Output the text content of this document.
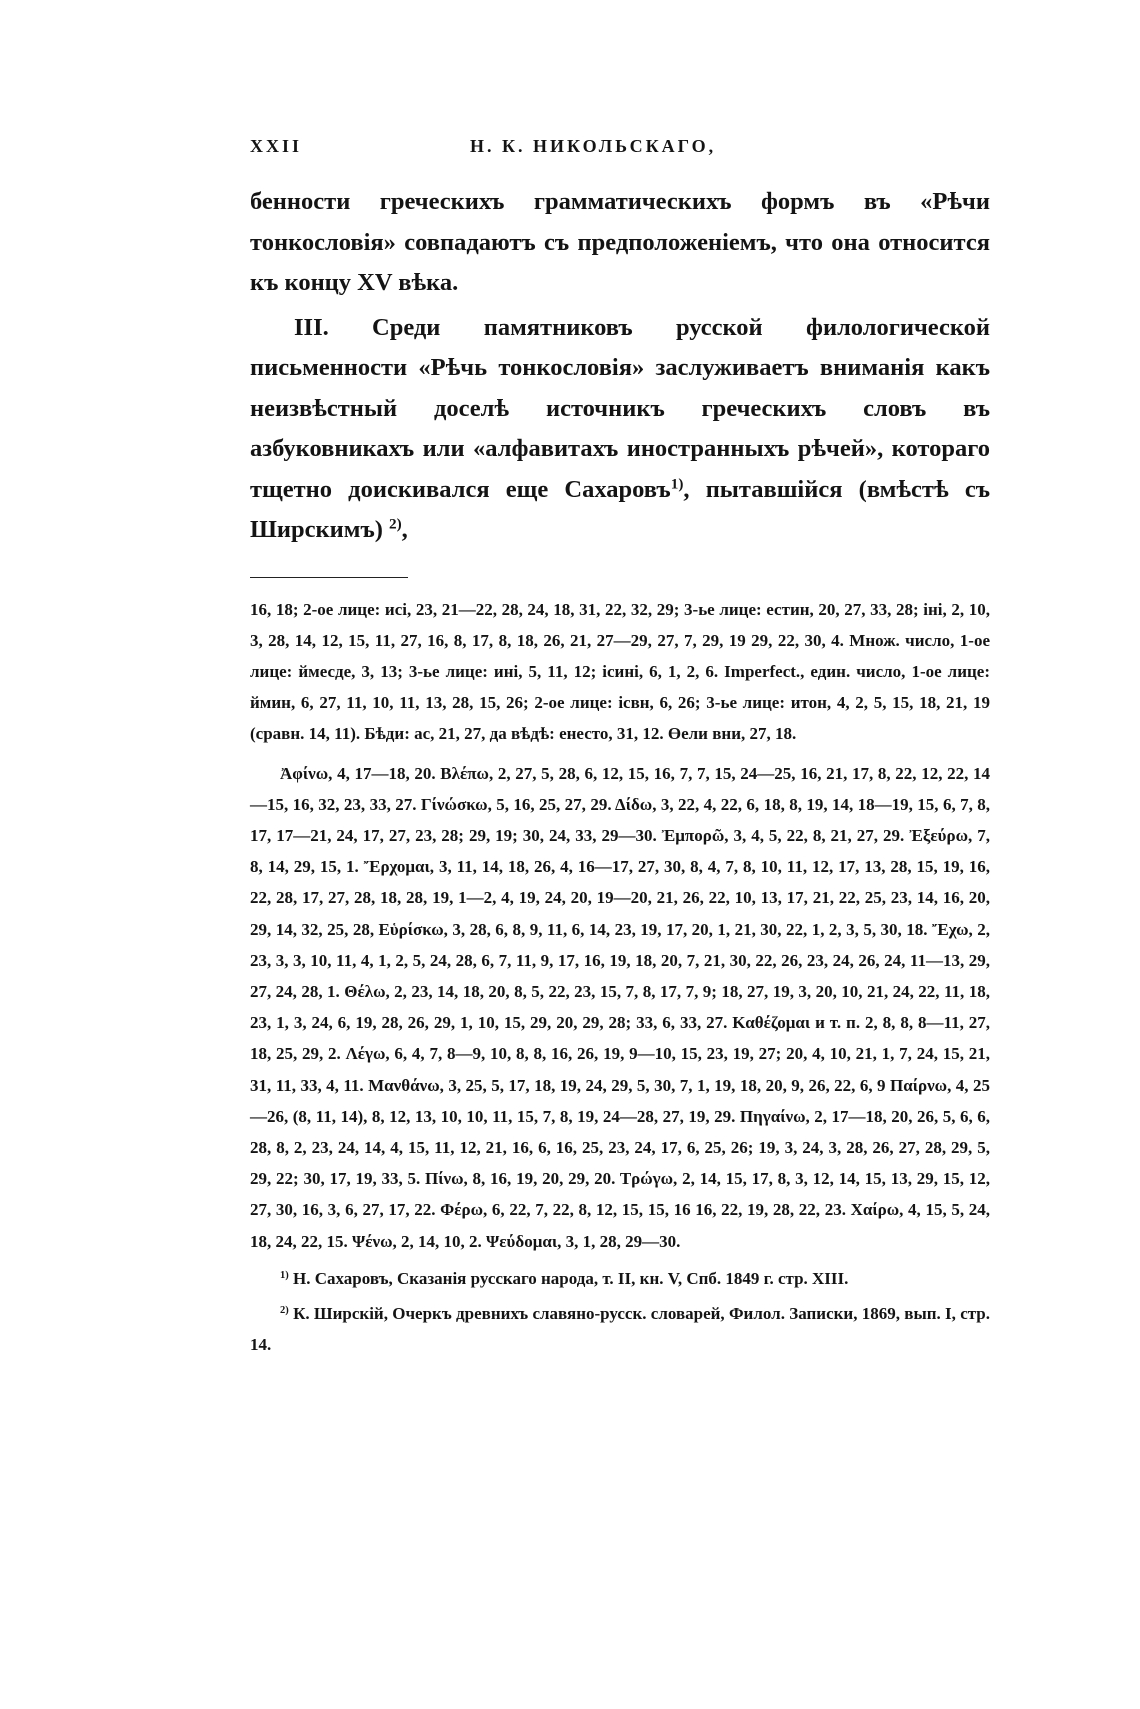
XXII	Н. К. НИКОЛЬСКАГО,

бенности греческихъ грамматическихъ формъ въ «Рѣчи тонкословія» совпадаютъ съ предположеніемъ, что она относится къ концу XV вѣка.

III. Среди памятниковъ русской филологической письменности «Рѣчь тонкословія» заслуживаетъ вниманія какъ неизвѣстный доселѣ источникъ греческихъ словъ въ азбуковникахъ или «алфавитахъ иностранныхъ рѣчей», котораго тщетно доискивался еще Сахаровъ$^{1)}$, пытавшійся (вмѣстѣ съ Ширскимъ) $^{2)}$,

16, 18; 2-ое лице: исі, 23, 21—22, 28, 24, 18, 31, 22, 32, 29; 3-ье лице: естин, 20, 27, 33, 28; іні, 2, 10, 3, 28, 14, 12, 15, 11, 27, 16, 8, 17, 8, 18, 26, 21, 27—29, 27, 7, 29, 19 29, 22, 30, 4. Множ. число, 1-ое лице: ймесде, 3, 13; 3-ье лице: ині, 5, 11, 12; ісині, 6, 1, 2, 6. Imperfect., един. число, 1-ое лице: ймин, 6, 27, 11, 10, 11, 13, 28, 15, 26; 2-ое лице: ісвн, 6, 26; 3-ье лице: итон, 4, 2, 5, 15, 18, 21, 19 (сравн. 14, 11). Бѣди: ас, 21, 27, да вѣдѣ: енесто, 31, 12. Өели вни, 27, 18.

Ἀφίνω, 4, 17—18, 20. Βλέπω, 2, 27, 5, 28, 6, 12, 15, 16, 7, 7, 15, 24—25, 16, 21, 17, 8, 22, 12, 22, 14—15, 16, 32, 23, 33, 27. Γίνώσκω, 5, 16, 25, 27, 29. Δίδω, 3, 22, 4, 22, 6, 18, 8, 19, 14, 18—19, 15, 6, 7, 8, 17, 17—21, 24, 17, 27, 23, 28; 29, 19; 30, 24, 33, 29—30. Ἐμπορῶ, 3, 4, 5, 22, 8, 21, 27, 29. Ἐξεύρω, 7, 8, 14, 29, 15, 1. Ἔρχομαι, 3, 11, 14, 18, 26, 4, 16—17, 27, 30, 8, 4, 7, 8, 10, 11, 12, 17, 13, 28, 15, 19, 16, 22, 28, 17, 27, 28, 18, 28, 19, 1—2, 4, 19, 24, 20, 19—20, 21, 26, 22, 10, 13, 17, 21, 22, 25, 23, 14, 16, 20, 29, 14, 32, 25, 28, Εὑρίσκω, 3, 28, 6, 8, 9, 11, 6, 14, 23, 19, 17, 20, 1, 21, 30, 22, 1, 2, 3, 5, 30, 18. Ἔχω, 2, 23, 3, 3, 10, 11, 4, 1, 2, 5, 24, 28, 6, 7, 11, 9, 17, 16, 19, 18, 20, 7, 21, 30, 22, 26, 23, 24, 26, 24, 11—13, 29, 27, 24, 28, 1. Θέλω, 2, 23, 14, 18, 20, 8, 5, 22, 23, 15, 7, 8, 17, 7, 9; 18, 27, 19, 3, 20, 10, 21, 24, 22, 11, 18, 23, 1, 3, 24, 6, 19, 28, 26, 29, 1, 10, 15, 29, 20, 29, 28; 33, 6, 33, 27. Καθέζομαι и т. п. 2, 8, 8, 8—11, 27, 18, 25, 29, 2. Λέγω, 6, 4, 7, 8—9, 10, 8, 8, 16, 26, 19, 9—10, 15, 23, 19, 27; 20, 4, 10, 21, 1, 7, 24, 15, 21, 31, 11, 33, 4, 11. Μανθάνω, 3, 25, 5, 17, 18, 19, 24, 29, 5, 30, 7, 1, 19, 18, 20, 9, 26, 22, 6, 9 Παίρνω, 4, 25—26, (8, 11, 14), 8, 12, 13, 10, 10, 11, 15, 7, 8, 19, 24—28, 27, 19, 29. Πηγαίνω, 2, 17—18, 20, 26, 5, 6, 6, 28, 8, 2, 23, 24, 14, 4, 15, 11, 12, 21, 16, 6, 16, 25, 23, 24, 17, 6, 25, 26; 19, 3, 24, 3, 28, 26, 27, 28, 29, 5, 29, 22; 30, 17, 19, 33, 5. Πίνω, 8, 16, 19, 20, 29, 20. Τρώγω, 2, 14, 15, 17, 8, 3, 12, 14, 15, 13, 29, 15, 12, 27, 30, 16, 3, 6, 27, 17, 22. Φέρω, 6, 22, 7, 22, 8, 12, 15, 15, 16 16, 22, 19, 28, 22, 23. Χαίρω, 4, 15, 5, 24, 18, 24, 22, 15. Ψένω, 2, 14, 10, 2. Ψεύδομαι, 3, 1, 28, 29—30.

$^{1)}$ Н. Сахаровъ, Сказанія русскаго народа, т. II, кн. V, Спб. 1849 г. стр. XIII.

$^{2)}$ К. Ширскій, Очеркъ древнихъ славяно-русск. словарей, Филол. Записки, 1869, вып. I, стр. 14.
